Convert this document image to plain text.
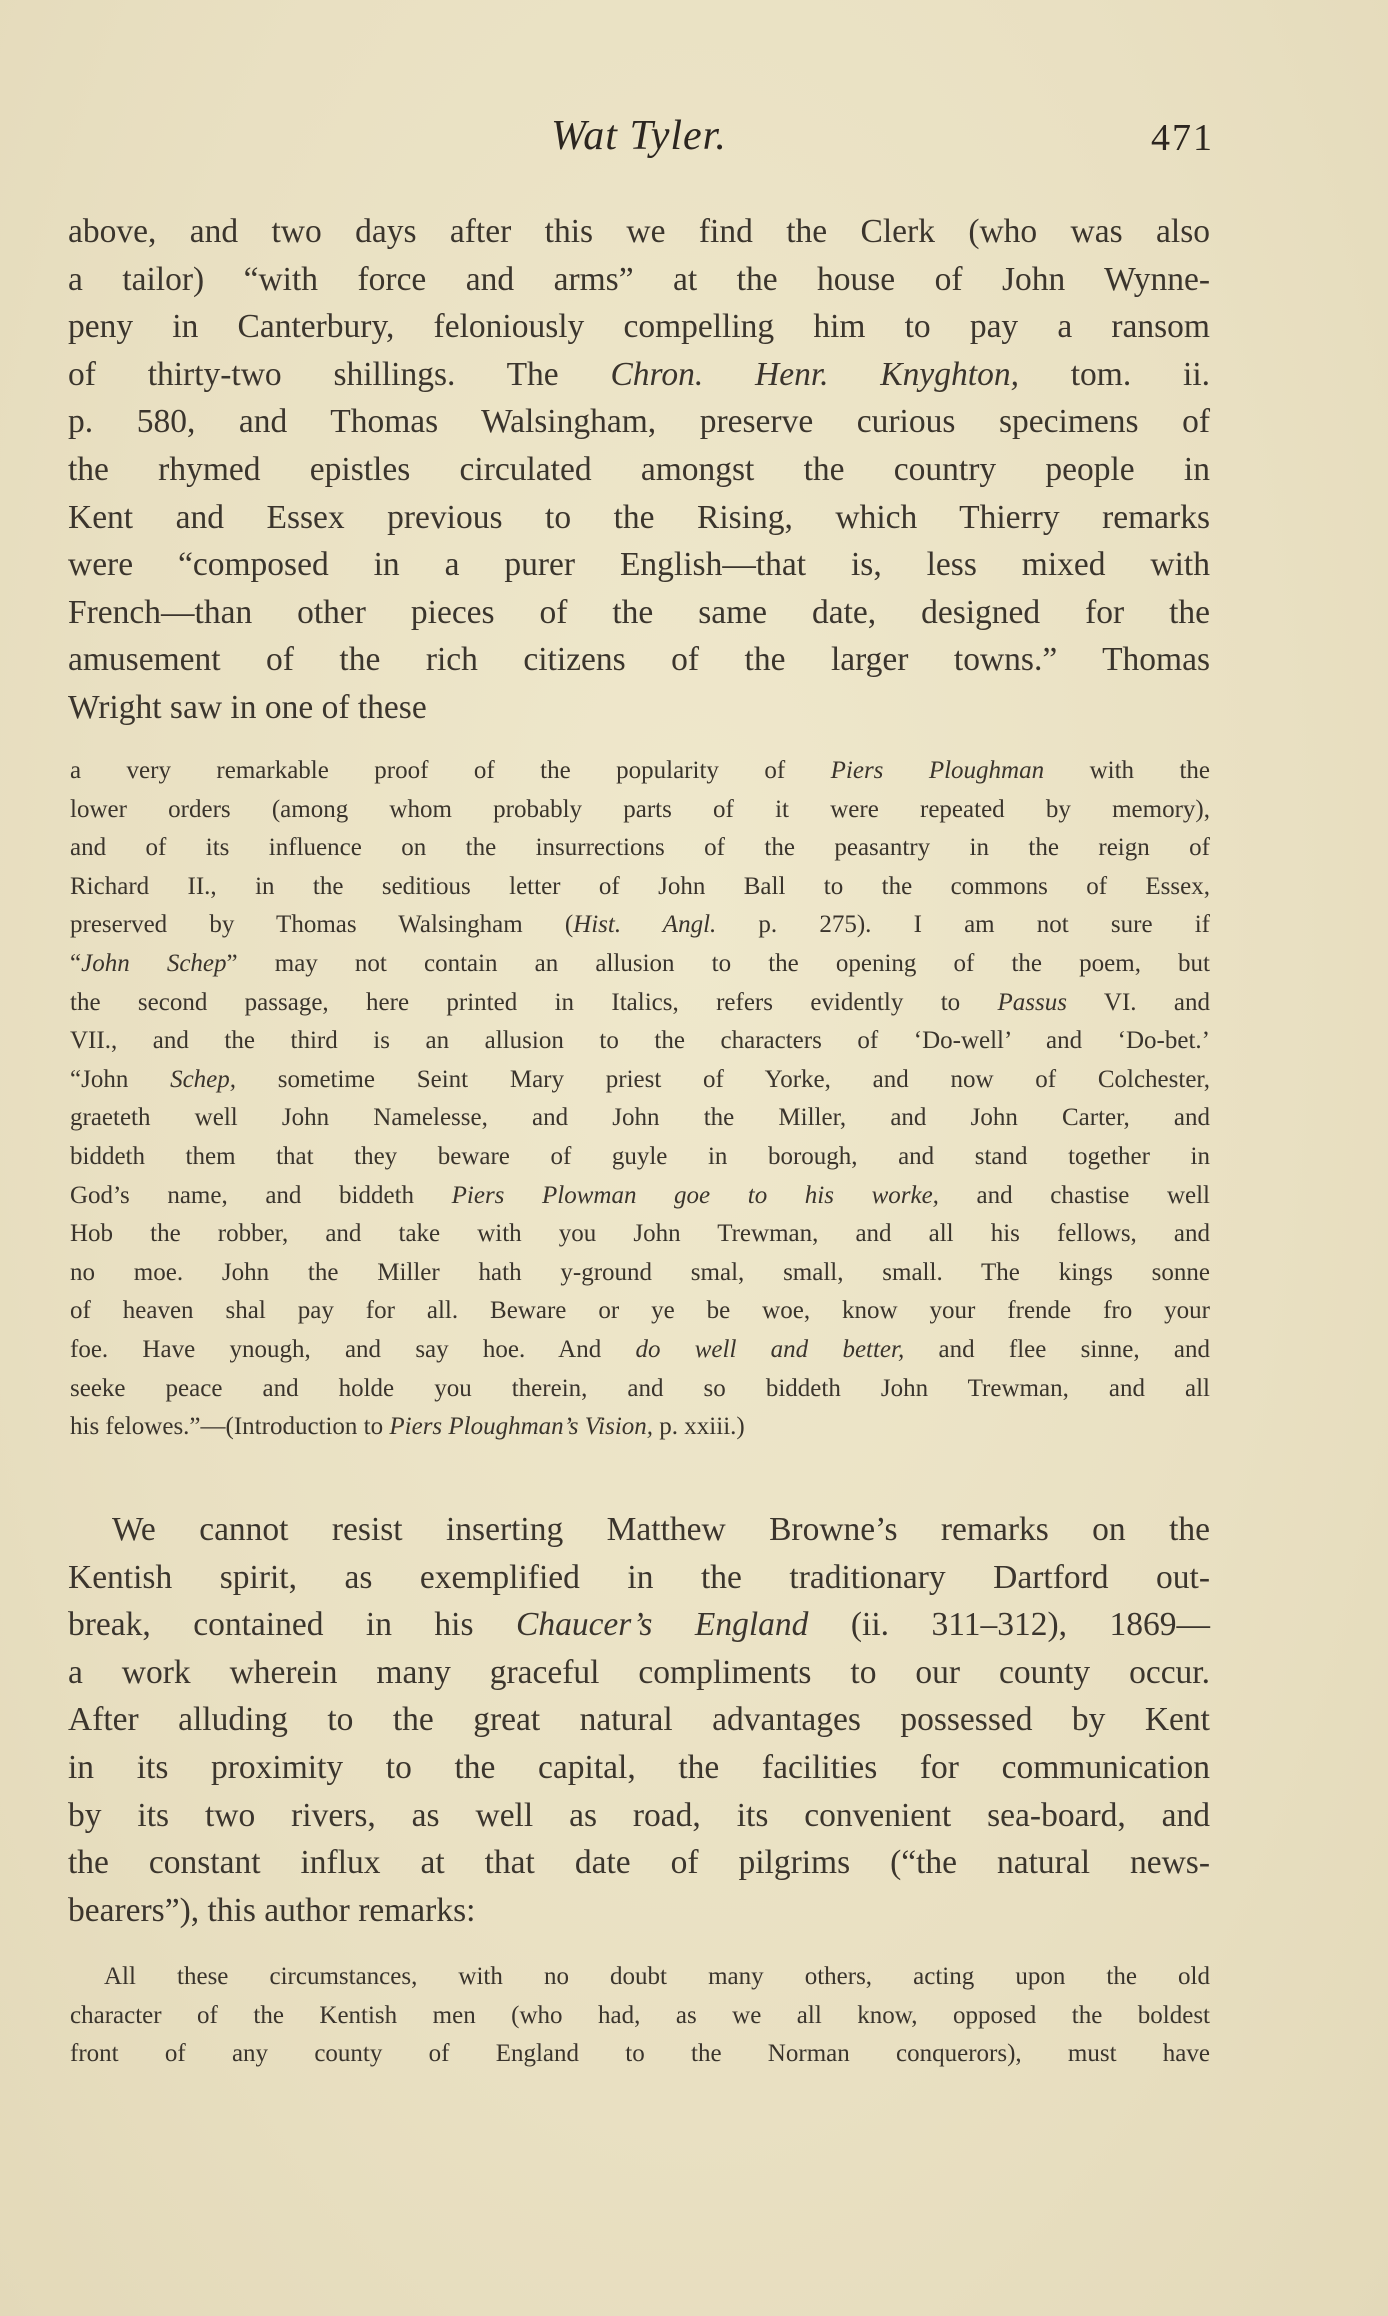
Wat Tyler.	471
above, and two days after this we find the Clerk (who was also
a tailor) “with force and arms” at the house of John Wynne-
peny in Canterbury, feloniously compelling him to pay a ransom
of thirty-two shillings. The Chron. Henr. Knyghton, tom. ii.
p. 580, and Thomas Walsingham, preserve curious specimens of
the rhymed epistles circulated amongst the country people in
Kent and Essex previous to the Rising, which Thierry remarks
were “composed in a purer English—that is, less mixed with
French—than other pieces of the same date, designed for the
amusement of the rich citizens of the larger towns.” Thomas
Wright saw in one of these
a very remarkable proof of the popularity of Piers Ploughman with the
lower orders (among whom probably parts of it were repeated by memory),
and of its influence on the insurrections of the peasantry in the reign of
Richard II., in the seditious letter of John Ball to the commons of Essex,
preserved by Thomas Walsingham (Hist. Angl. p. 275). I am not sure if
“John Schep” may not contain an allusion to the opening of the poem, but
the second passage, here printed in Italics, refers evidently to Passus VI. and
VII., and the third is an allusion to the characters of ‘Do-well’ and ‘Do-bet.’
“John Schep, sometime Seint Mary priest of Yorke, and now of Colchester,
graeteth well John Namelesse, and John the Miller, and John Carter, and
biddeth them that they beware of guyle in borough, and stand together in
God’s name, and biddeth Piers Plowman goe to his worke, and chastise well
Hob the robber, and take with you John Trewman, and all his fellows, and
no moe. John the Miller hath y-ground smal, small, small. The kings sonne
of heaven shal pay for all. Beware or ye be woe, know your frende fro your
foe. Have ynough, and say hoe. And do well and better, and flee sinne, and
seeke peace and holde you therein, and so biddeth John Trewman, and all
his felowes.”—(Introduction to Piers Ploughman’s Vision, p. xxiii.)
We cannot resist inserting Matthew Browne’s remarks on the
Kentish spirit, as exemplified in the traditionary Dartford out-
break, contained in his Chaucer’s England (ii. 311–312), 1869—
a work wherein many graceful compliments to our county occur.
After alluding to the great natural advantages possessed by Kent
in its proximity to the capital, the facilities for communication
by its two rivers, as well as road, its convenient sea-board, and
the constant influx at that date of pilgrims (“the natural news-
bearers”), this author remarks:
All these circumstances, with no doubt many others, acting upon the old
character of the Kentish men (who had, as we all know, opposed the boldest
front of any county of England to the Norman conquerors), must have
